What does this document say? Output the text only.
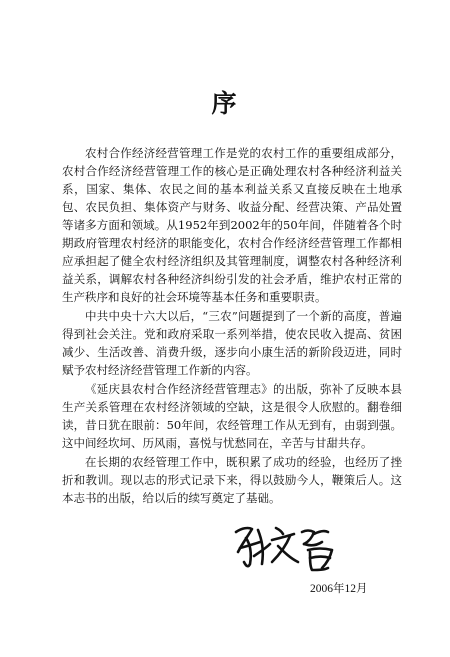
序

农村合作经济经营管理工作是党的农村工作的重要组成部分，农村合作经济经营管理工作的核心是正确处理农村各种经济利益关系，国家、集体、农民之间的基本利益关系又直接反映在土地承包、农民负担、集体资产与财务、收益分配、经营决策、产品处置等诸多方面和领域。从1952年到2002年的50年间，伴随着各个时期政府管理农村经济的职能变化，农村合作经济经营管理工作都相应承担起了健全农村经济组织及其管理制度，调整农村各种经济利益关系，调解农村各种经济纠纷引发的社会矛盾，维护农村正常的生产秩序和良好的社会环境等基本任务和重要职责。

中共中央十六大以后，“三农”问题提到了一个新的高度，普遍得到社会关注。党和政府采取一系列举措，使农民收入提高、贫困减少、生活改善、消费升级，逐步向小康生活的新阶段迈进，同时赋予农村经济经营管理工作新的内容。

《延庆县农村合作经济经营管理志》的出版，弥补了反映本县生产关系管理在农村经济领域的空缺，这是很令人欣慰的。翻卷细读，昔日犹在眼前：50年间，农经管理工作从无到有，由弱到强。这中间经坎坷、历风雨，喜悦与忧愁同在，辛苦与甘甜共存。

在长期的农经管理工作中，既积累了成功的经验，也经历了挫折和教训。现以志的形式记录下来，得以鼓励今人，鞭策后人。这本志书的出版，给以后的续写奠定了基础。

2006年12月
